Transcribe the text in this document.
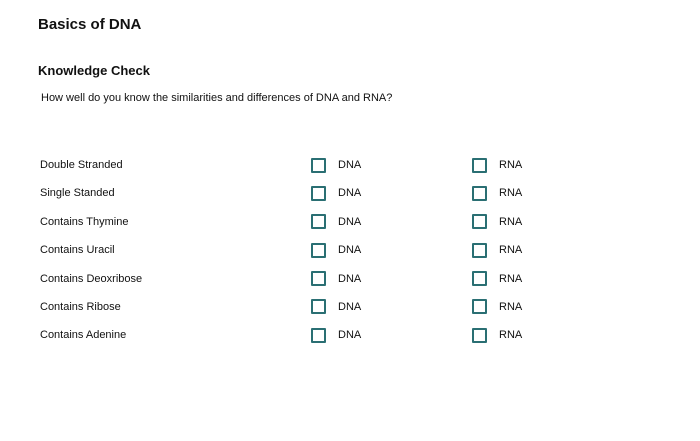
Basics of DNA
Knowledge Check
How well do you know the similarities and differences of DNA and RNA?
Double Stranded	DNA	RNA
Single Standed	DNA	RNA
Contains Thymine	DNA	RNA
Contains Uracil	DNA	RNA
Contains Deoxribose	DNA	RNA
Contains Ribose	DNA	RNA
Contains Adenine	DNA	RNA
